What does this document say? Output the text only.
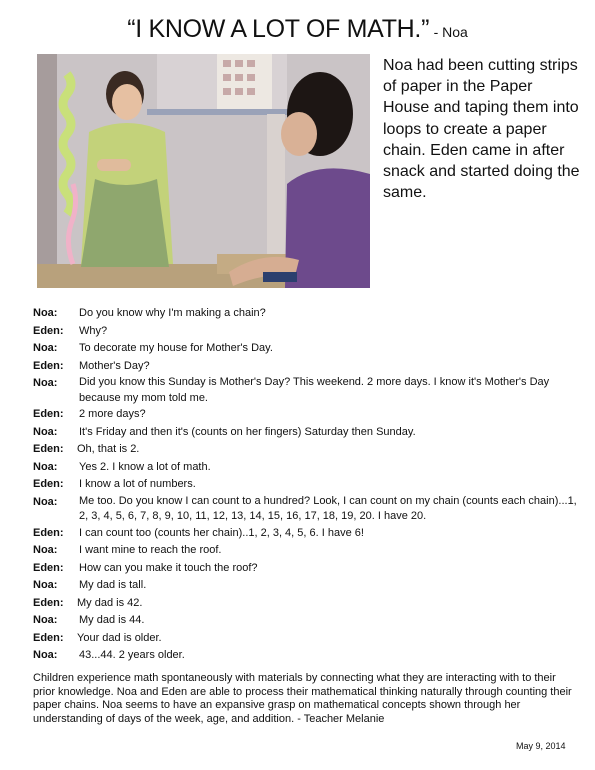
“I KNOW A LOT OF MATH.” - Noa
Noa had been cutting strips of paper in the Paper House and taping them into loops to create a paper chain. Eden came in after snack and started doing the same.
Noa:	Do you know why I'm making a chain?
Eden:	Why?
Noa:	To decorate my house for Mother's Day.
Eden:	Mother's Day?
Noa:	Did you know this Sunday is Mother's Day? This weekend. 2 more days. I know it's Mother's Day because my mom told me.
Eden:	2 more days?
Noa:	It's Friday and then it's (counts on her fingers) Saturday then Sunday.
Eden:	Oh, that is 2.
Noa:	Yes 2. I know a lot of math.
Eden:	I know a lot of numbers.
Noa:	Me too. Do you know I can count to a hundred? Look, I can count on my chain (counts each chain)...1, 2, 3, 4, 5, 6, 7, 8, 9, 10, 11, 12, 13, 14, 15, 16, 17, 18, 19, 20. I have 20.
Eden:	I can count too (counts her chain)..1, 2, 3, 4, 5, 6. I have 6!
Noa:	I want mine to reach the roof.
Eden:	How can you make it touch the roof?
Noa:	My dad is tall.
Eden:	My dad is 42.
Noa:	My dad is 44.
Eden:	Your dad is older.
Noa:	43...44. 2 years older.
Children experience math spontaneously with materials by connecting what they are interacting with to their prior knowledge. Noa and Eden are able to process their mathematical thinking naturally through counting their paper chains. Noa seems to have an expansive grasp on mathematical concepts shown through her understanding of days of the week, age, and addition. - Teacher Melanie
May 9, 2014
